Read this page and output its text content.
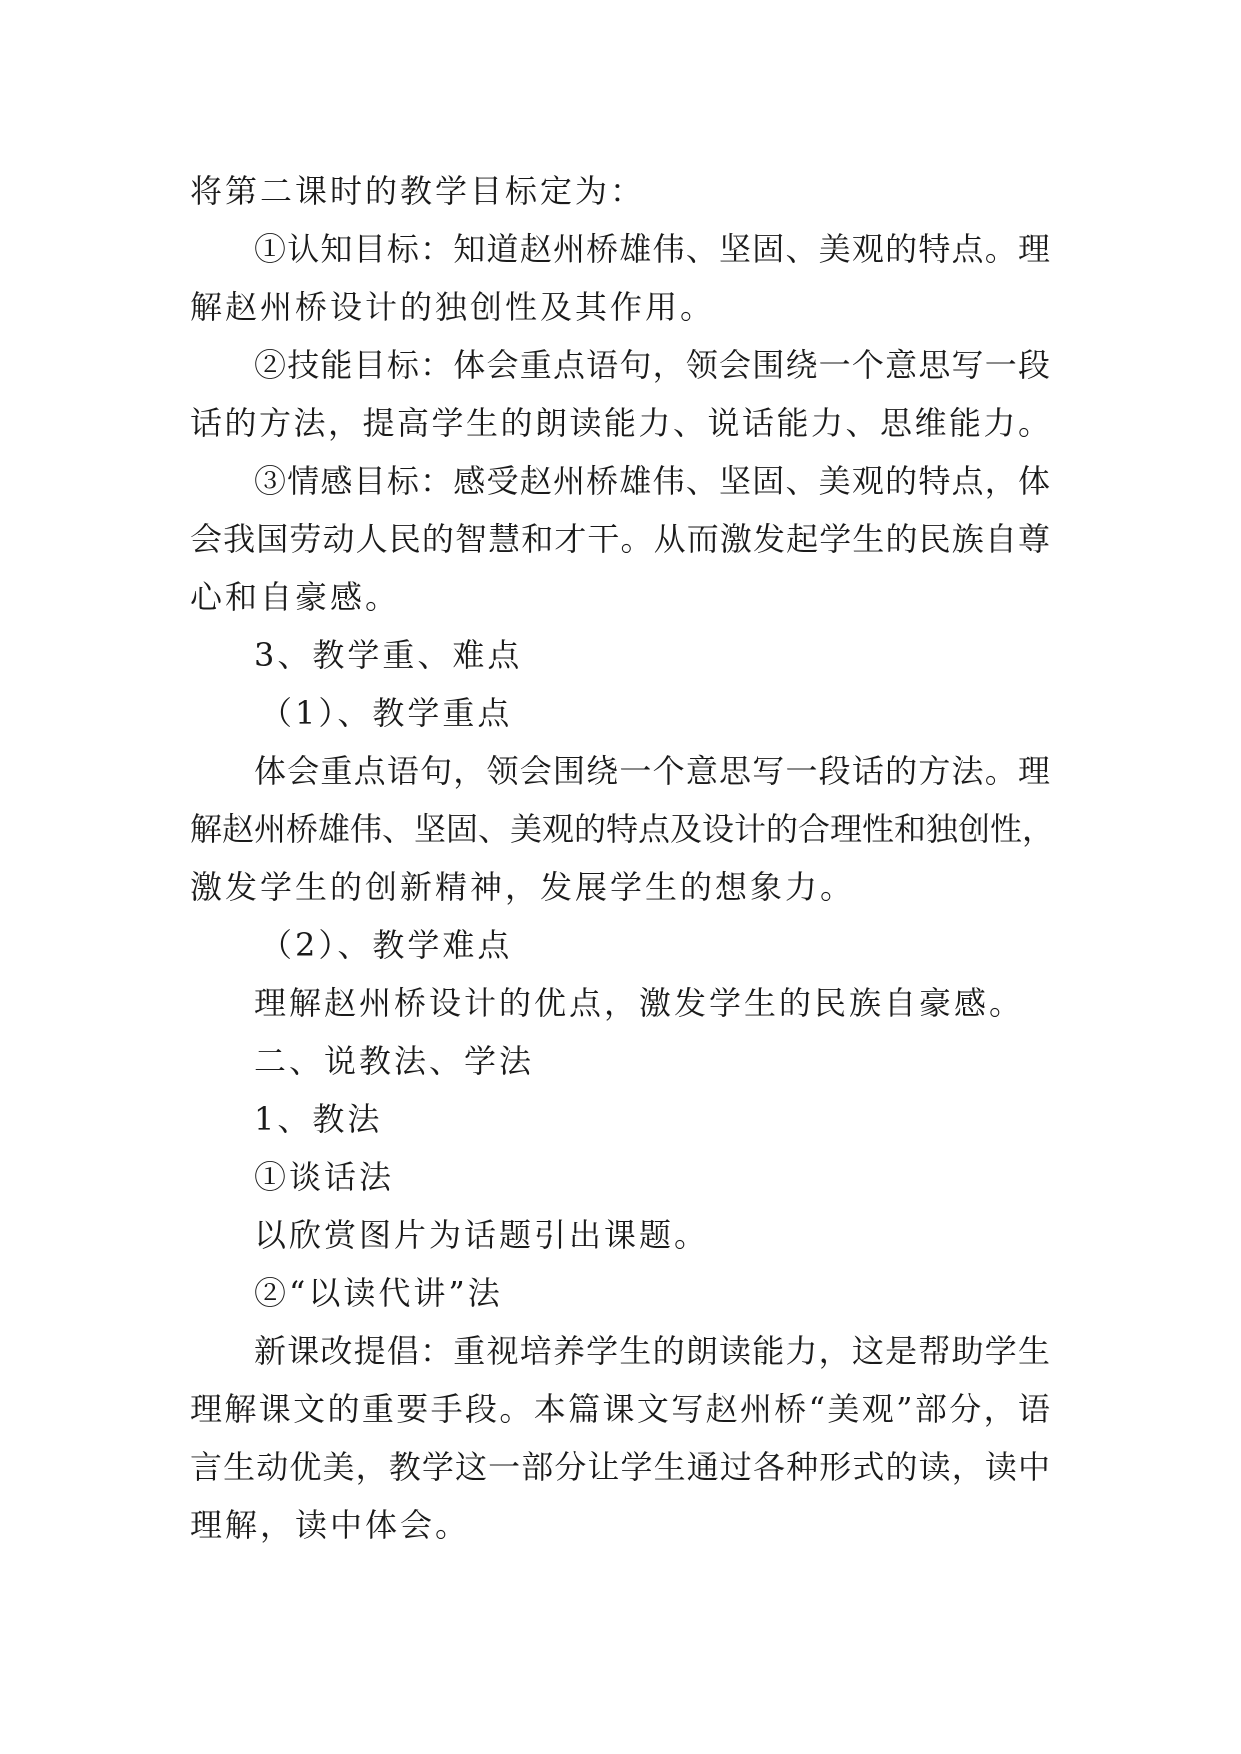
将第二课时的教学目标定为：
①认知目标：知道赵州桥雄伟、坚固、美观的特点。理
解赵州桥设计的独创性及其作用。
②技能目标：体会重点语句，领会围绕一个意思写一段
话的方法，提高学生的朗读能力、说话能力、思维能力。
③情感目标：感受赵州桥雄伟、坚固、美观的特点，体
会我国劳动人民的智慧和才干。从而激发起学生的民族自尊
心和自豪感。
3、教学重、难点
（1）、教学重点
体会重点语句，领会围绕一个意思写一段话的方法。理
解赵州桥雄伟、坚固、美观的特点及设计的合理性和独创性，
激发学生的创新精神，发展学生的想象力。
（2）、教学难点
理解赵州桥设计的优点，激发学生的民族自豪感。
二、说教法、学法
1、教法
①谈话法
以欣赏图片为话题引出课题。
②“以读代讲”法
新课改提倡：重视培养学生的朗读能力，这是帮助学生
理解课文的重要手段。本篇课文写赵州桥“美观”部分，语
言生动优美，教学这一部分让学生通过各种形式的读，读中
理解，读中体会。
